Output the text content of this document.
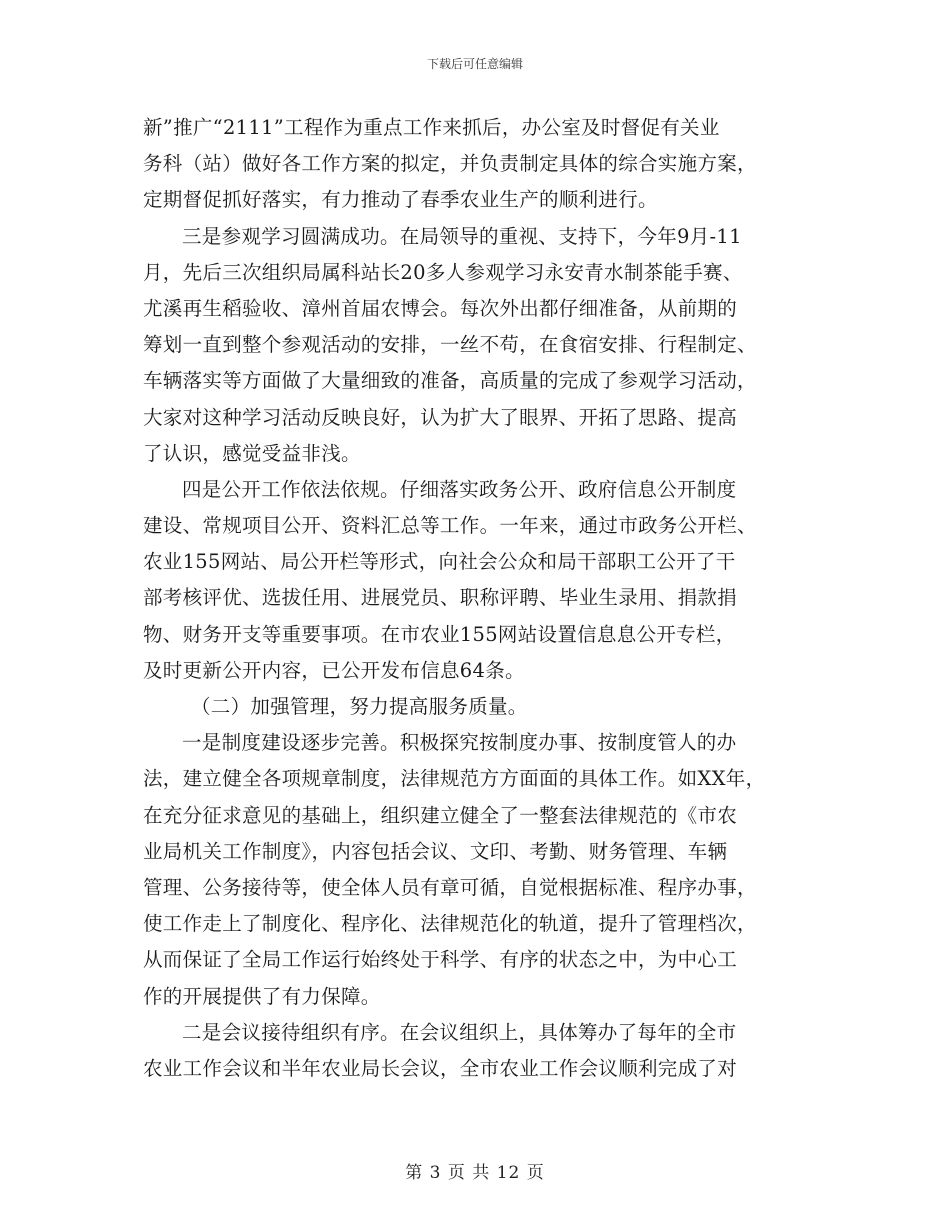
下载后可任意编辑
新”推广“2111”工程作为重点工作来抓后，办公室及时督促有关业
务科（站）做好各工作方案的拟定，并负责制定具体的综合实施方案，
定期督促抓好落实，有力推动了春季农业生产的顺利进行。
三是参观学习圆满成功。在局领导的重视、支持下，今年9月-11
月，先后三次组织局属科站长20多人参观学习永安青水制茶能手赛、
尤溪再生稻验收、漳州首届农博会。每次外出都仔细准备，从前期的
筹划一直到整个参观活动的安排，一丝不苟，在食宿安排、行程制定、
车辆落实等方面做了大量细致的准备，高质量的完成了参观学习活动，
大家对这种学习活动反映良好，认为扩大了眼界、开拓了思路、提高
了认识，感觉受益非浅。
四是公开工作依法依规。仔细落实政务公开、政府信息公开制度
建设、常规项目公开、资料汇总等工作。一年来，通过市政务公开栏、
农业155网站、局公开栏等形式，向社会公众和局干部职工公开了干
部考核评优、选拔任用、进展党员、职称评聘、毕业生录用、捐款捐
物、财务开支等重要事项。在市农业155网站设置信息息公开专栏，
及时更新公开内容，已公开发布信息64条。
（二）加强管理，努力提高服务质量。
一是制度建设逐步完善。积极探究按制度办事、按制度管人的办
法，建立健全各项规章制度，法律规范方方面面的具体工作。如XX年，
在充分征求意见的基础上，组织建立健全了一整套法律规范的《市农
业局机关工作制度》，内容包括会议、文印、考勤、财务管理、车辆
管理、公务接待等，使全体人员有章可循，自觉根据标准、程序办事，
使工作走上了制度化、程序化、法律规范化的轨道，提升了管理档次，
从而保证了全局工作运行始终处于科学、有序的状态之中，为中心工
作的开展提供了有力保障。
二是会议接待组织有序。在会议组织上，具体筹办了每年的全市
农业工作会议和半年农业局长会议，全市农业工作会议顺利完成了对
第 3 页 共 12 页
